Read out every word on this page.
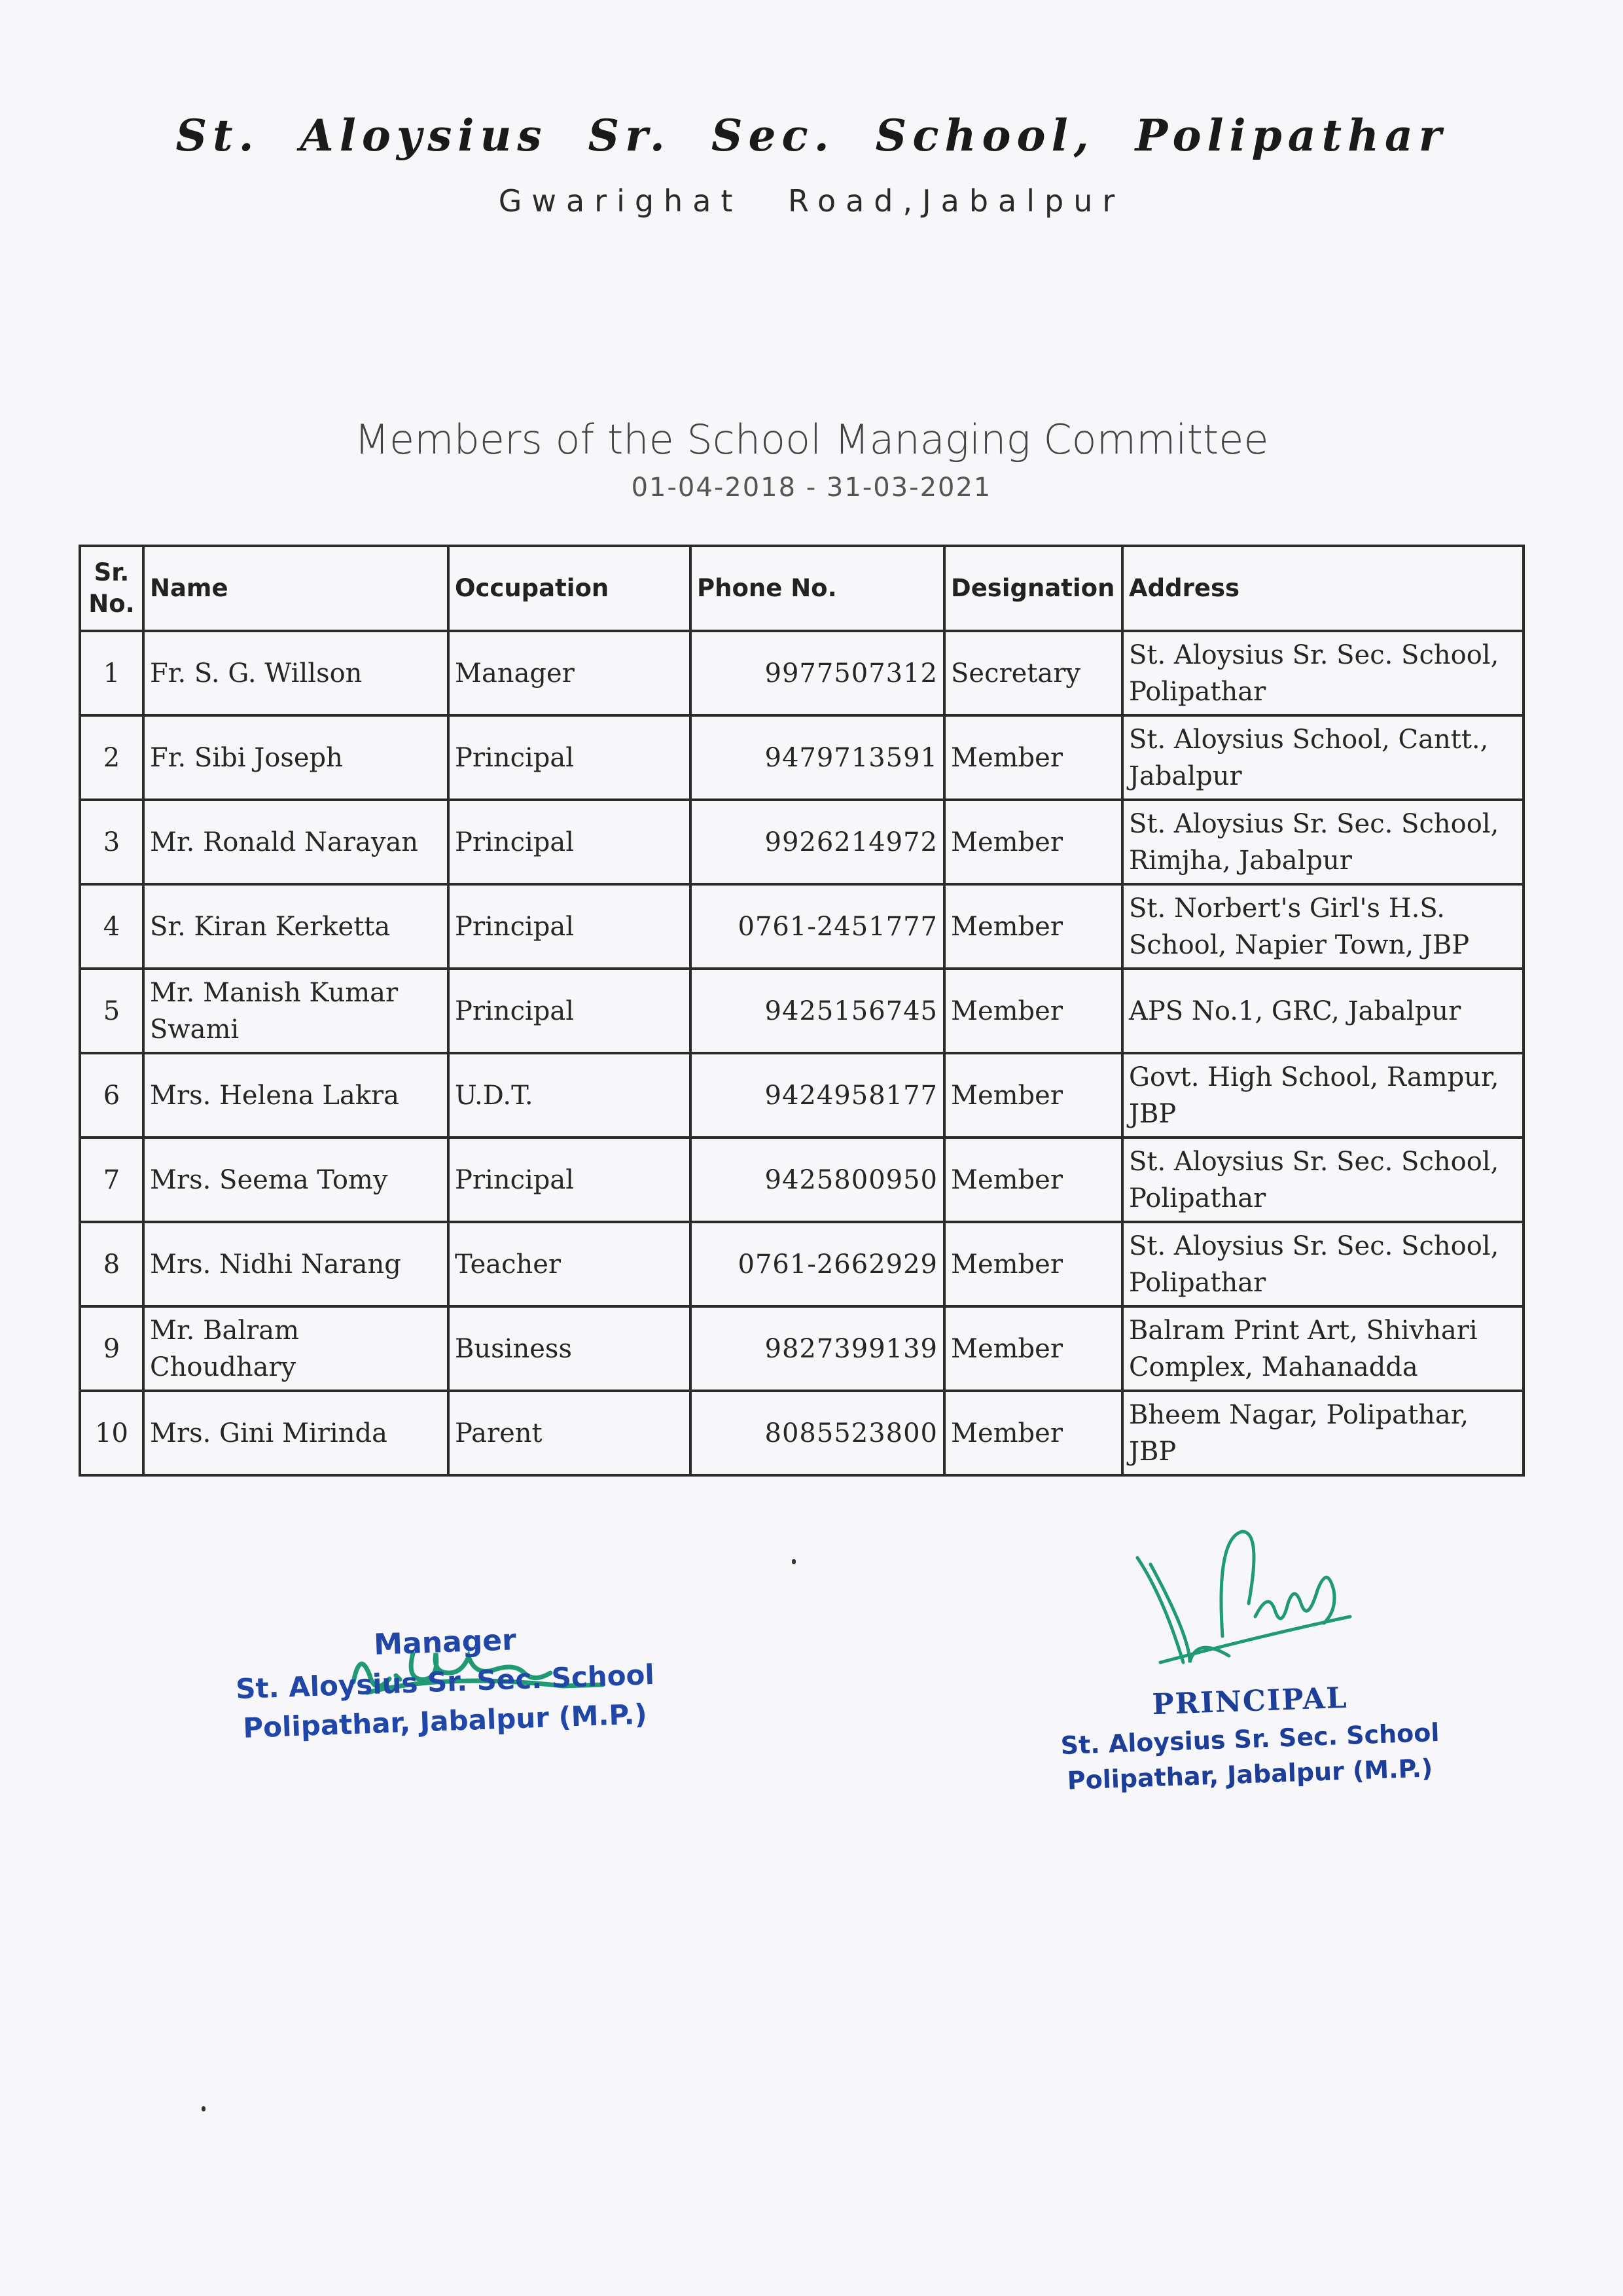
St. Aloysius Sr. Sec. School, Polipathar
Gwarighat Road,Jabalpur
Members of the School Managing Committee
01-04-2018 - 31-03-2021
Sr. No.	Name	Occupation	Phone No.	Designation	Address
1	Fr. S. G. Willson	Manager	9977507312	Secretary	St. Aloysius Sr. Sec. School, Polipathar
2	Fr. Sibi Joseph	Principal	9479713591	Member	St. Aloysius School, Cantt., Jabalpur
3	Mr. Ronald Narayan	Principal	9926214972	Member	St. Aloysius Sr. Sec. School, Rimjha, Jabalpur
4	Sr. Kiran Kerketta	Principal	0761-2451777	Member	St. Norbert's Girl's H.S. School, Napier Town, JBP
5	Mr. Manish Kumar Swami	Principal	9425156745	Member	APS No.1, GRC, Jabalpur
6	Mrs. Helena Lakra	U.D.T.	9424958177	Member	Govt. High School, Rampur, JBP
7	Mrs. Seema Tomy	Principal	9425800950	Member	St. Aloysius Sr. Sec. School, Polipathar
8	Mrs. Nidhi Narang	Teacher	0761-2662929	Member	St. Aloysius Sr. Sec. School, Polipathar
9	Mr. Balram Choudhary	Business	9827399139	Member	Balram Print Art, Shivhari Complex, Mahanadda
10	Mrs. Gini Mirinda	Parent	8085523800	Member	Bheem Nagar, Polipathar, JBP
Manager
St. Aloysius Sr. Sec. School
Polipathar, Jabalpur (M.P.)	PRINCIPAL
St. Aloysius Sr. Sec. School
Polipathar, Jabalpur (M.P.)
